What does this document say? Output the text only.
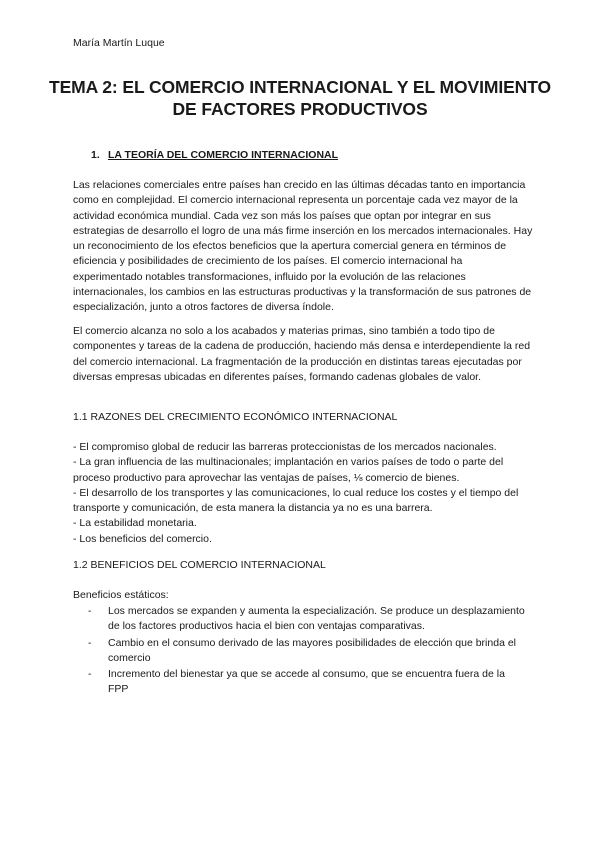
María Martín Luque
TEMA 2: EL COMERCIO INTERNACIONAL Y EL MOVIMIENTO DE FACTORES PRODUCTIVOS
1. LA TEORÍA DEL COMERCIO INTERNACIONAL

Las relaciones comerciales entre países han crecido en las últimas décadas tanto en importancia como en complejidad. El comercio internacional representa un porcentaje cada vez mayor de la actividad económica mundial. Cada vez son más los países que optan por integrar en sus estrategias de desarrollo el logro de una más firme inserción en los mercados internacionales. Hay un reconocimiento de los efectos beneficios que la apertura comercial genera en términos de eficiencia y posibilidades de crecimiento de los países. El comercio internacional ha experimentado notables transformaciones, influido por la evolución de las relaciones internacionales, los cambios en las estructuras productivas y la transformación de sus patrones de especialización, junto a otros factores de diversa índole.

El comercio alcanza no solo a los acabados y materias primas, sino también a todo tipo de componentes y tareas de la cadena de producción, haciendo más densa e interdependiente la red del comercio internacional. La fragmentación de la producción en distintas tareas ejecutadas por diversas empresas ubicadas en diferentes países, formando cadenas globales de valor.

1.1 RAZONES DEL CRECIMIENTO ECONÓMICO INTERNACIONAL
- El compromiso global de reducir las barreras proteccionistas de los mercados nacionales.
- La gran influencia de las multinacionales; implantación en varios países de todo o parte del proceso productivo para aprovechar las ventajas de países, ⅛ comercio de bienes.
- El desarrollo de los transportes y las comunicaciones, lo cual reduce los costes y el tiempo del transporte y comunicación, de esta manera la distancia ya no es una barrera.
- La estabilidad monetaria.
- Los beneficios del comercio.
1.2 BENEFICIOS DEL COMERCIO INTERNACIONAL
Beneficios estáticos:
-	Los mercados se expanden y aumenta la especialización. Se produce un desplazamiento de los factores productivos hacia el bien con ventajas comparativas.
-	Cambio en el consumo derivado de las mayores posibilidades de elección que brinda el comercio
-	Incremento del bienestar ya que se accede al consumo, que se encuentra fuera de la FPP
